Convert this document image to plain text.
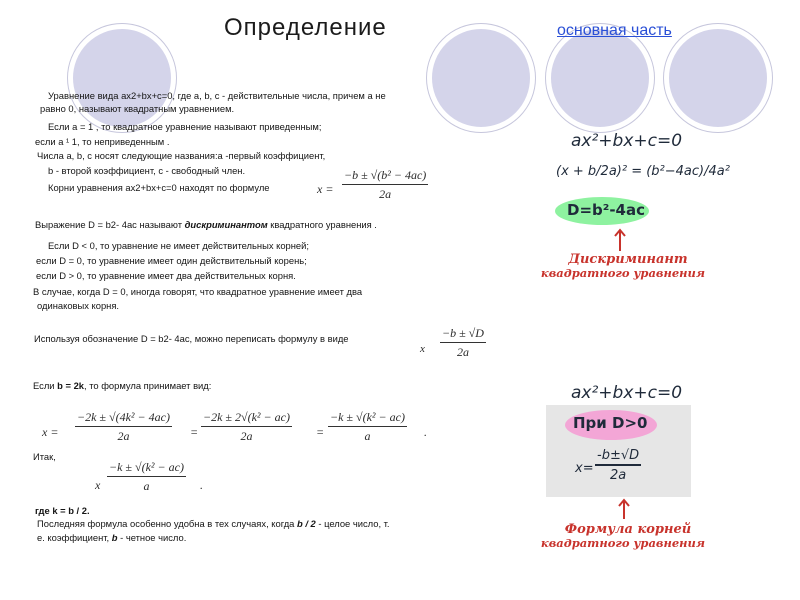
Определение	основная часть
Уравнение вида ax2+bx+c=0, где a, b, c - действительные числа, причем a не
равно 0, называют квадратным уравнением.
Если a = 1 , то квадратное уравнение называют приведенным;
если a ¹ 1, то неприведенным .
Числа a, b, c носят следующие названия:a -первый коэффициент,
b - второй коэффициент, c - свободный член.
Корни уравнения ax2+bx+c=0 находят по формуле	$x = \frac{\text{−b ± √(b² − 4ac)}}{2a}$
Выражение D = b2- 4ac называют дискриминантом квадратного уравнения .
Если D < 0, то уравнение не имеет действительных корней;
если D = 0, то уравнение имеет один действительный корень;
если D > 0, то уравнение имеет два действительных корня.
В случае, когда D = 0, иногда говорят, что квадратное уравнение имеет два
одинаковых корня.
Используя обозначение D = b2- 4ac, можно переписать формулу в виде
x $\frac{-b \pm √D}{2a}$
Если b = 2k, то формула принимает вид:
$x = \frac{\text{−2k ± √(4k² − 4ac)}}{2a} = \frac{\text{−2k ± 2√(k² − ac)}}{2a} = \frac{\text{−k ± √(k² − ac)}}{a}$ .
Итак,
x $\frac{\text{−k ± √(k² − ac)}}{a}$ .
где k = b / 2.
Последняя формула особенно удобна в тех случаях, когда b / 2 - целое число, т.
е. коэффициент, b - четное число.
ax²+bx+c=0
(x + b/2a)² = (b²−4ac)/4a²
D=b²-4ac
Дискриминант
квадратного уравнения
ax²+bx+c=0
При D>0
$x= \frac{-b\pm√D}{2a}$
Формула корней
квадратного уравнения
